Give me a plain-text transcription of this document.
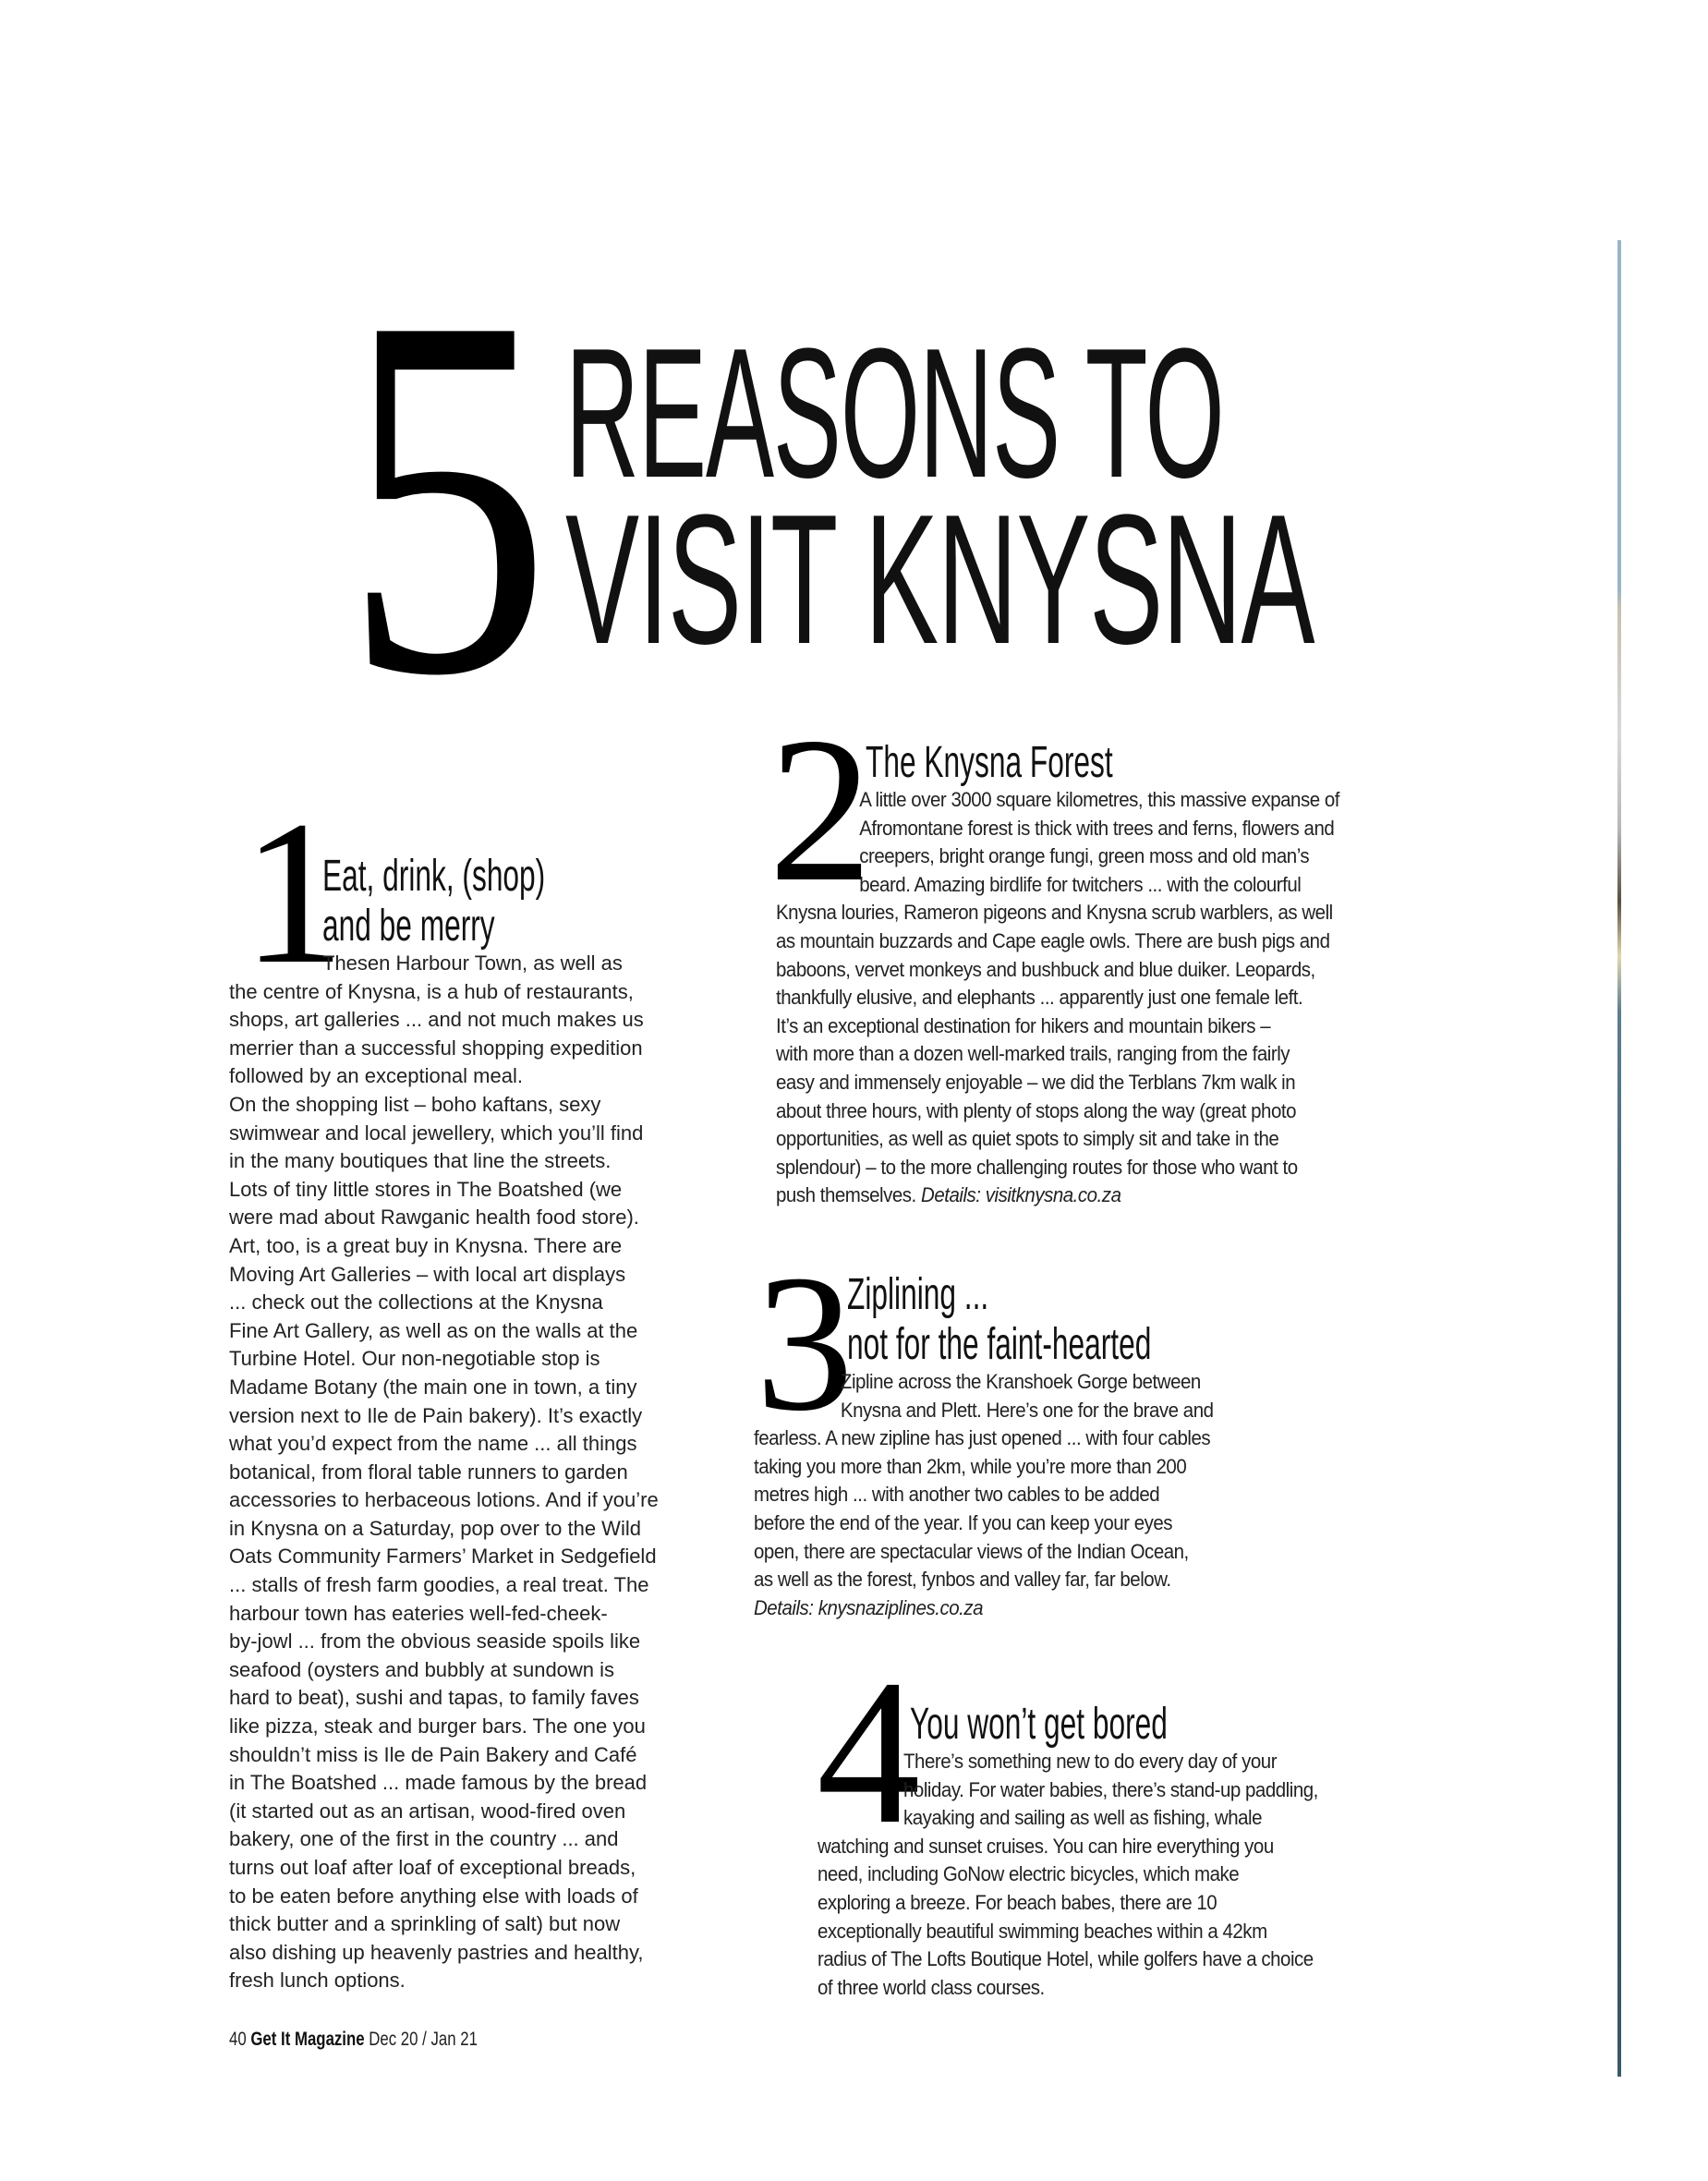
5 REASONS TO
VISIT KNYSNA
1
Eat, drink, (shop)
and be merry
Thesen Harbour Town, as well as
the centre of Knysna, is a hub of restaurants,
shops, art galleries ... and not much makes us
merrier than a successful shopping expedition
followed by an exceptional meal.
On the shopping list – boho kaftans, sexy
swimwear and local jewellery, which you’ll find
in the many boutiques that line the streets.
Lots of tiny little stores in The Boatshed (we
were mad about Rawganic health food store).
Art, too, is a great buy in Knysna. There are
Moving Art Galleries – with local art displays
... check out the collections at the Knysna
Fine Art Gallery, as well as on the walls at the
Turbine Hotel. Our non-negotiable stop is
Madame Botany (the main one in town, a tiny
version next to Ile de Pain bakery). It’s exactly
what you’d expect from the name ... all things
botanical, from floral table runners to garden
accessories to herbaceous lotions. And if you’re
in Knysna on a Saturday, pop over to the Wild
Oats Community Farmers’ Market in Sedgefield
... stalls of fresh farm goodies, a real treat. The
harbour town has eateries well-fed-cheek-
by-jowl ... from the obvious seaside spoils like
seafood (oysters and bubbly at sundown is
hard to beat), sushi and tapas, to family faves
like pizza, steak and burger bars. The one you
shouldn’t miss is Ile de Pain Bakery and Café
in The Boatshed ... made famous by the bread
(it started out as an artisan, wood-fired oven
bakery, one of the first in the country ... and
turns out loaf after loaf of exceptional breads,
to be eaten before anything else with loads of
thick butter and a sprinkling of salt) but now
also dishing up heavenly pastries and healthy,
fresh lunch options.
2
The Knysna Forest
A little over 3000 square kilometres, this massive expanse of
Afromontane forest is thick with trees and ferns, flowers and
creepers, bright orange fungi, green moss and old man’s
beard. Amazing birdlife for twitchers ... with the colourful
Knysna louries, Rameron pigeons and Knysna scrub warblers, as well
as mountain buzzards and Cape eagle owls. There are bush pigs and
baboons, vervet monkeys and bushbuck and blue duiker. Leopards,
thankfully elusive, and elephants ... apparently just one female left.
It’s an exceptional destination for hikers and mountain bikers –
with more than a dozen well-marked trails, ranging from the fairly
easy and immensely enjoyable – we did the Terblans 7km walk in
about three hours, with plenty of stops along the way (great photo
opportunities, as well as quiet spots to simply sit and take in the
splendour) – to the more challenging routes for those who want to
push themselves. Details: visitknysna.co.za
3
Ziplining ...
not for the faint-hearted
Zipline across the Kranshoek Gorge between
Knysna and Plett. Here’s one for the brave and
fearless. A new zipline has just opened ... with four cables
taking you more than 2km, while you’re more than 200
metres high ... with another two cables to be added
before the end of the year. If you can keep your eyes
open, there are spectacular views of the Indian Ocean,
as well as the forest, fynbos and valley far, far below.
Details: knysnaziplines.co.za
4
You won’t get bored
There’s something new to do every day of your
holiday. For water babies, there’s stand-up paddling,
kayaking and sailing as well as fishing, whale
watching and sunset cruises. You can hire everything you
need, including GoNow electric bicycles, which make
exploring a breeze. For beach babes, there are 10
exceptionally beautiful swimming beaches within a 42km
radius of The Lofts Boutique Hotel, while golfers have a choice
of three world class courses.
40 Get It Magazine Dec 20 / Jan 21
